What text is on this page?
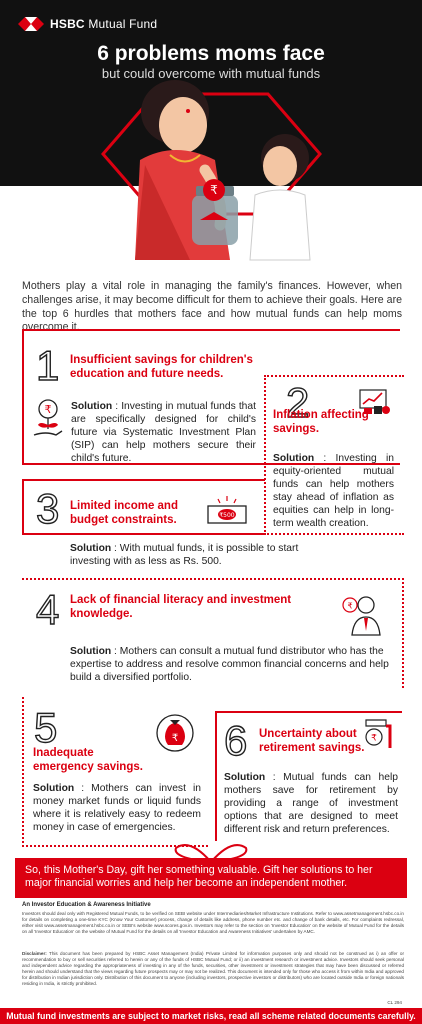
₹
HSBC Mutual Fund
6 problems moms face
but could overcome with mutual funds

Mothers play a vital role in managing the family's finances. However, when challenges arise, it may become difficult for them to achieve their goals. Here are the top 6 hurdles that mothers face and how mutual funds can help moms overcome it.

1 Insufficient savings for children's education and future needs.
₹ Solution : Investing in mutual funds that are specifically designed for child's future via Systematic Investment Plan (SIP) can help mothers secure their child's future.

2
Inflation affecting savings.

Solution : Investing in equity-oriented mutual funds can help mothers stay ahead of inflation as equities can help in long-term wealth creation.

3 Limited income and budget constraints.	₹500

Solution : With mutual funds, it is possible to start investing with as less as Rs. 500.

4 Lack of financial literacy and investment knowledge.
₹

Solution : Mothers can consult a mutual fund distributor who has the expertise to address and resolve common financial concerns and help build a diversified portfolio.

5	₹
Inadequate emergency savings.

Solution : Mothers can invest in money market funds or liquid funds where it is relatively easy to redeem money in case of emergencies.

6 Uncertainty about retirement savings.
₹

Solution : Mutual funds can help mothers save for retirement by providing a range of investment options that are designed to meet different risk and return preferences.

So, this Mother's Day, gift her something valuable. Gift her solutions to her major financial worries and help her become an independent mother.
An Investor Education & Awareness Initiative

Investors should deal only with Registered Mutual Funds, to be verified on SEBI website under Intermediaries/Market Infrastructure Institutions. Refer to www.assetmanagement.hsbc.co.in for details on completing a one-time KYC (Know Your Customer) process, change of details like address, phone number etc. and change of bank details, etc. For complaints redressal, either visit www.assetmanagement.hsbc.co.in or SEBI's website www.scores.gov.in. Investors may refer to the section on 'Investor Education' on the website of Mutual Fund for the details on all 'Investor Education' on the website of Mutual Fund for the details on all 'Investor Education and Awareness Initiatives' undertaken by AMC.

Disclaimer: This document has been prepared by HSBC Asset Management (India) Private Limited for information purposes only and should not be construed as i) an offer or recommendation to buy or sell securities referred to herein or any of the funds of HSBC Mutual Fund; or ii) an investment research or investment advice. Investors should seek personal and independent advice regarding the appropriateness of investing in any of the funds, securities, other investment or investment strategies that may have been discussed or referred herein and should understand that the views regarding future prospects may or may not be realized. This document is intended only for those who access it from within India and approved for distribution in Indian jurisdiction only. Distribution of this document to anyone (including investors, prospective investors or distributors) who are located outside India or foreign nationals residing in India, is strictly prohibited.

CL 294
Mutual fund investments are subject to market risks, read all scheme related documents carefully.
